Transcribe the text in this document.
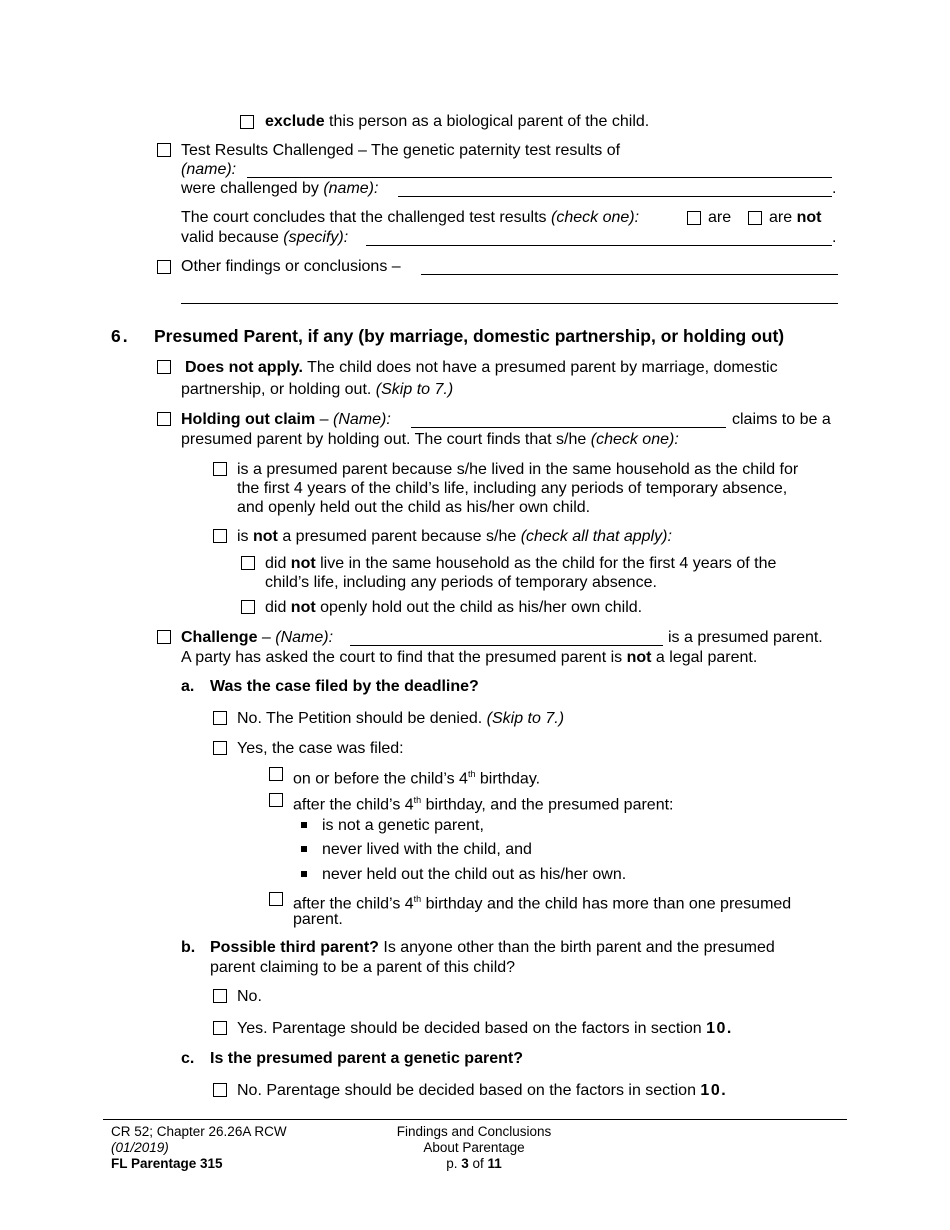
exclude this person as a biological parent of the child.
Test Results Challenged – The genetic paternity test results of
(name):
were challenged by (name):	.
The court concludes that the challenged test results (check one):	are are not
valid because (specify):	.
Other findings or conclusions –
6. Presumed Parent, if any (by marriage, domestic partnership, or holding out)
Does not apply. The child does not have a presumed parent by marriage, domestic
partnership, or holding out. (Skip to 7.)
Holding out claim – (Name):	claims to be a
presumed parent by holding out. The court finds that s/he (check one):
is a presumed parent because s/he lived in the same household as the child for
the first 4 years of the child’s life, including any periods of temporary absence,
and openly held out the child as his/her own child.
is not a presumed parent because s/he (check all that apply):
did not live in the same household as the child for the first 4 years of the
child’s life, including any periods of temporary absence.
did not openly hold out the child as his/her own child.
Challenge – (Name):	is a presumed parent.
A party has asked the court to find that the presumed parent is not a legal parent.
a. Was the case filed by the deadline?
No. The Petition should be denied. (Skip to 7.)
Yes, the case was filed:
on or before the child’s 4th birthday.
after the child’s 4th birthday, and the presumed parent:
is not a genetic parent,
never lived with the child, and
never held out the child out as his/her own.
after the child’s 4th birthday and the child has more than one presumed
parent.
b. Possible third parent? Is anyone other than the birth parent and the presumed
parent claiming to be a parent of this child?
No.
Yes. Parentage should be decided based on the factors in section 10.
c. Is the presumed parent a genetic parent?
No. Parentage should be decided based on the factors in section 10.
CR 52; Chapter 26.26A RCW
(01/2019)
FL Parentage 315
Findings and Conclusions
About Parentage
p. 3 of 11
